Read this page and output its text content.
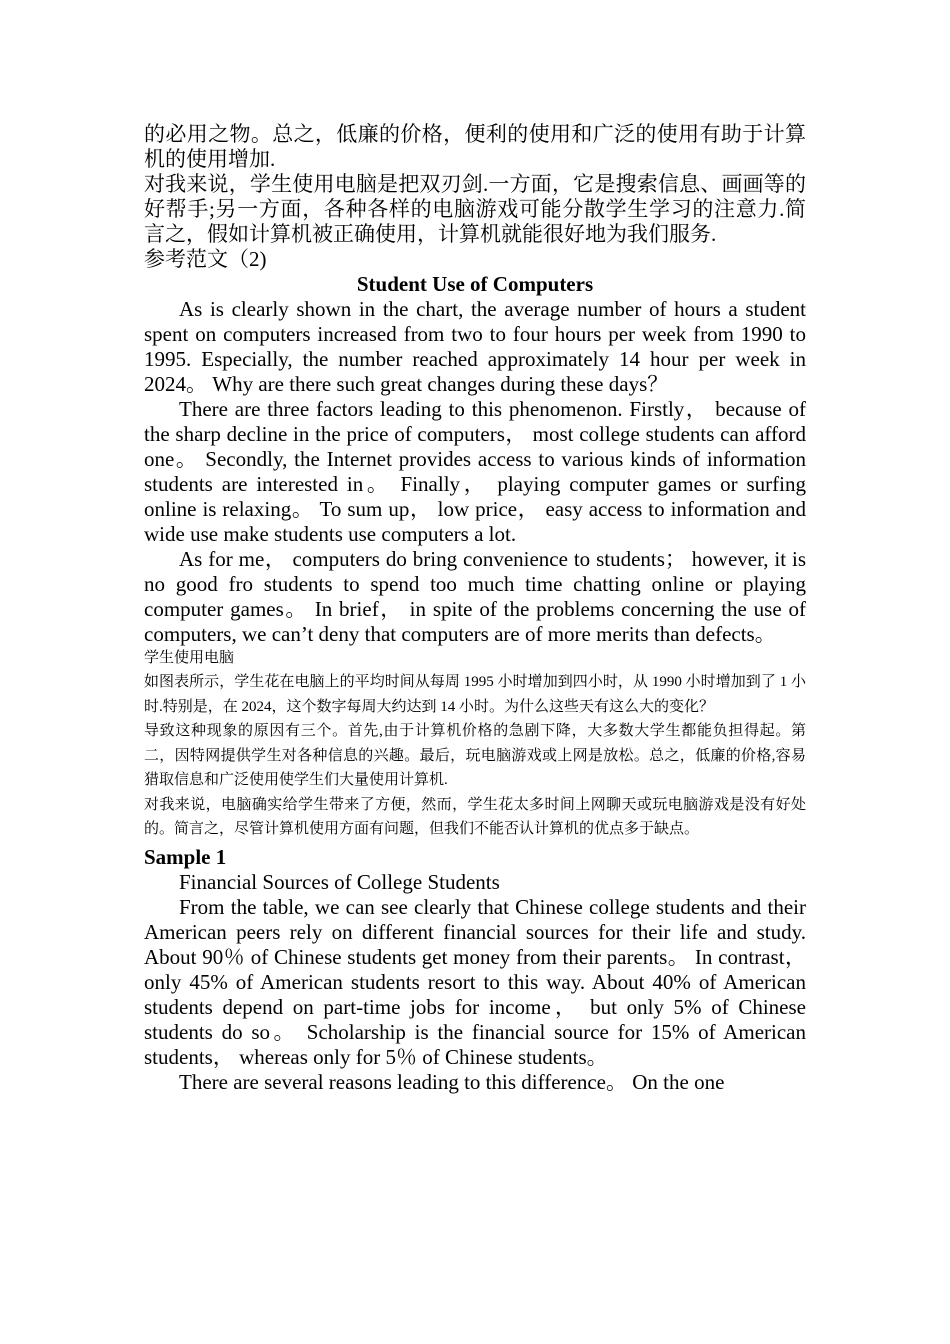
的必用之物。总之，低廉的价格，便利的使用和广泛的使用有助于计算机的使用增加.

对我来说，学生使用电脑是把双刃剑.一方面，它是搜索信息、画画等的好帮手;另一方面，各种各样的电脑游戏可能分散学生学习的注意力.简言之，假如计算机被正确使用，计算机就能很好地为我们服务.

参考范文（2)

Student Use of Computers

As is clearly shown in the chart, the average number of hours a student spent on computers increased from two to four hours per week from 1990 to 1995. Especially, the number reached approximately 14 hour per week in 2024。 Why are there such great changes during these days？

There are three factors leading to this phenomenon. Firstly， because of the sharp decline in the price of computers， most college students can afford one。 Secondly, the Internet provides access to various kinds of information students are interested in。 Finally， playing computer games or surfing online is relaxing。 To sum up， low price， easy access to information and wide use make students use computers a lot.

As for me， computers do bring convenience to students； however, it is no good fro students to spend too much time chatting online or playing computer games。 In brief， in spite of the problems concerning the use of computers, we can’t deny that computers are of more merits than defects。

学生使用电脑

如图表所示，学生花在电脑上的平均时间从每周 1995 小时增加到四小时，从 1990 小时增加到了 1 小时.特别是，在 2024，这个数字每周大约达到 14 小时。为什么这些天有这么大的变化？

导致这种现象的原因有三个。首先,由于计算机价格的急剧下降，大多数大学生都能负担得起。第二，因特网提供学生对各种信息的兴趣。最后，玩电脑游戏或上网是放松。总之，低廉的价格,容易猎取信息和广泛使用使学生们大量使用计算机.

对我来说，电脑确实给学生带来了方便，然而，学生花太多时间上网聊天或玩电脑游戏是没有好处的。简言之，尽管计算机使用方面有问题，但我们不能否认计算机的优点多于缺点。

Sample 1

Financial Sources of College Students

From the table, we can see clearly that Chinese college students and their American peers rely on different financial sources for their life and study. About 90％ of Chinese students get money from their parents。 In contrast， only 45% of American students resort to this way. About 40% of American students depend on part-time jobs for income， but only 5% of Chinese students do so。 Scholarship is the financial source for 15% of American students， whereas only for 5％ of Chinese students。

There are several reasons leading to this difference。 On the one
